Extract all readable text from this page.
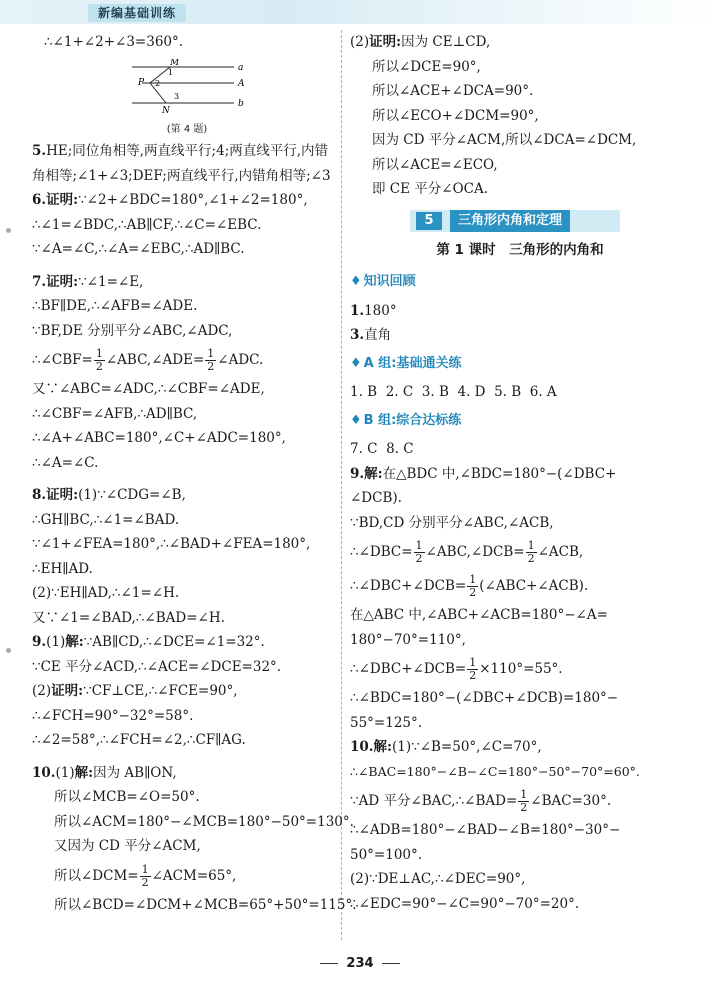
新编基础训练
∴∠1+∠2+∠3=360°.
M	a
P
1
2	A
3
b
N
(第 4 题)
5.HE;同位角相等,两直线平行;4;两直线平行,内错
角相等;∠1+∠3;DEF;两直线平行,内错角相等;∠3
6.证明:∵∠2+∠BDC=180°,∠1+∠2=180°,
∴∠1=∠BDC,∴AB∥CF,∴∠C=∠EBC.
∵∠A=∠C,∴∠A=∠EBC,∴AD∥BC.
7.证明:∵∠1=∠E,
∴BF∥DE,∴∠AFB=∠ADE.
∵BF,DE 分别平分∠ABC,∠ADC,
∴∠CBF= $\frac{1}{2}$ ∠ABC,∠ADE= $\frac{1}{2}$ ∠ADC.
又∵∠ABC=∠ADC,∴∠CBF=∠ADE,
∴∠CBF=∠AFB,∴AD∥BC,
∴∠A+∠ABC=180°,∠C+∠ADC=180°,
∴∠A=∠C.
8.证明:(1)∵∠CDG=∠B,
∴GH∥BC,∴∠1=∠BAD.
∵∠1+∠FEA=180°,∴∠BAD+∠FEA=180°,
∴EH∥AD.
(2)∵EH∥AD,∴∠1=∠H.
又∵∠1=∠BAD,∴∠BAD=∠H.
9.(1)解:∵AB∥CD,∴∠DCE=∠1=32°.
∵CE 平分∠ACD,∴∠ACE=∠DCE=32°.
(2)证明:∵CF⊥CE,∴∠FCE=90°,
∴∠FCH=90°−32°=58°.
∴∠2=58°,∴∠FCH=∠2,∴CF∥AG.
10.(1)解:因为 AB∥ON,
所以∠MCB=∠O=50°.
所以∠ACM=180°−∠MCB=180°−50°=130°.
又因为 CD 平分∠ACM,
所以∠DCM= $\frac{1}{2}$ ∠ACM=65°,
所以∠BCD=∠DCM+∠MCB=65°+50°=115°.
(2)证明:因为 CE⊥CD,
所以∠DCE=90°,
所以∠ACE+∠DCA=90°.
所以∠ECO+∠DCM=90°,
因为 CD 平分∠ACM,所以∠DCA=∠DCM,
所以∠ACE=∠ECO,
即 CE 平分∠OCA.
5	三角形内角和定理
第 1 课时　三角形的内角和
♦ 知识回顾
1.180°
3.直角
♦ A 组:基础通关练
1. B 2. C 3. B 4. D 5. B 6. A
♦ B 组:综合达标练
7. C 8. C
9.解:在△BDC 中,∠BDC=180°−(∠DBC+
∠DCB).
∵BD,CD 分别平分∠ABC,∠ACB,
∴∠DBC= $\frac{1}{2}$ ∠ABC,∠DCB= $\frac{1}{2}$ ∠ACB,
∴∠DBC+∠DCB= $\frac{1}{2}$ (∠ABC+∠ACB).
在△ABC 中,∠ABC+∠ACB=180°−∠A=
180°−70°=110°,
∴∠DBC+∠DCB= $\frac{1}{2} \times 110^\circ=55^\circ$.
∴∠BDC=180°−(∠DBC+∠DCB)=180°−
55°=125°.
10.解:(1)∵∠B=50°,∠C=70°,
∴∠BAC=180°−∠B−∠C=180°−50°−70°=60°.
∵AD 平分∠BAC,∴∠BAD= $\frac{1}{2}$ ∠BAC=30°.
∴∠ADB=180°−∠BAD−∠B=180°−30°−
50°=100°.
(2)∵DE⊥AC,∴∠DEC=90°,
∴∠EDC=90°−∠C=90°−70°=20°.
234
